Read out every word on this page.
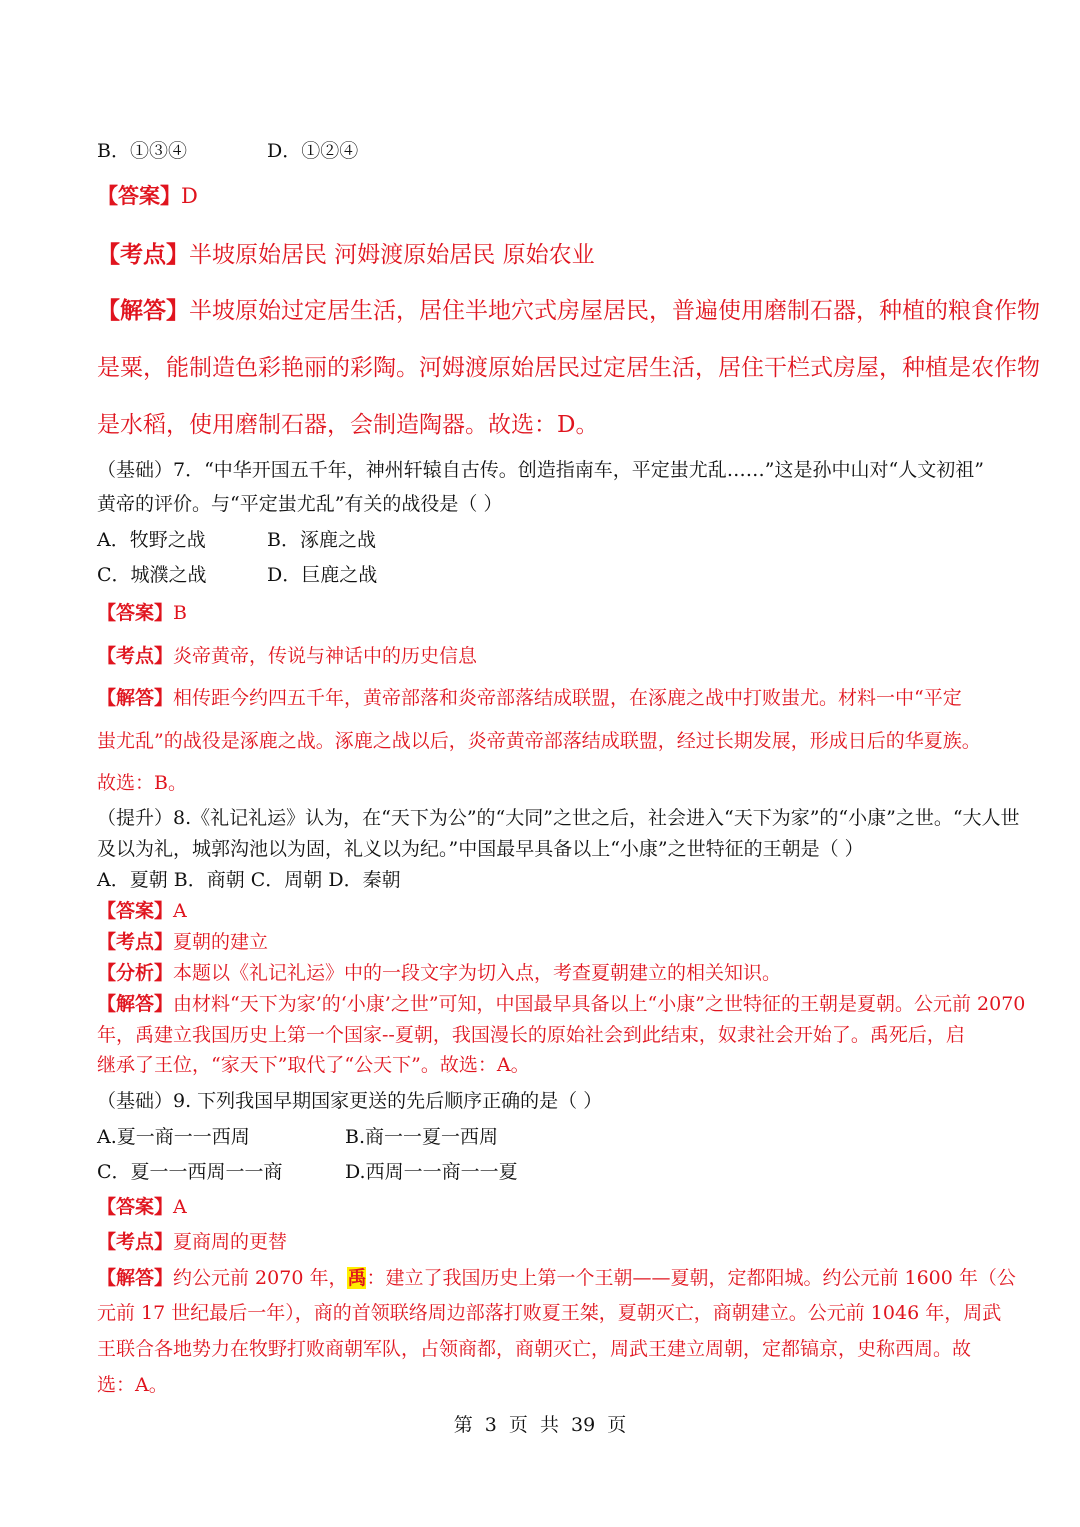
B．①③④	D．①②④
【答案】D
【考点】半坡原始居民 河姆渡原始居民 原始农业
【解答】半坡原始过定居生活，居住半地穴式房屋居民，普遍使用磨制石器，种植的粮食作物
是粟，能制造色彩艳丽的彩陶。河姆渡原始居民过定居生活，居住干栏式房屋，种植是农作物
是水稻，使用磨制石器，会制造陶器。故选：D。
（基础）7．“中华开国五千年，神州轩辕自古传。创造指南车，平定蚩尤乱……”这是孙中山对“人文初祖”
黄帝的评价。与“平定蚩尤乱”有关的战役是（ ）
A．牧野之战	B．涿鹿之战
C．城濮之战	D．巨鹿之战
【答案】B
【考点】炎帝黄帝，传说与神话中的历史信息
【解答】相传距今约四五千年，黄帝部落和炎帝部落结成联盟，在涿鹿之战中打败蚩尤。材料一中“平定
蚩尤乱”的战役是涿鹿之战。涿鹿之战以后，炎帝黄帝部落结成联盟，经过长期发展，形成日后的华夏族。
故选：B。
（提升）8.《礼记礼运》认为，在“天下为公”的“大同”之世之后，社会进入“天下为家”的“小康”之世。“大人世
及以为礼，城郭沟池以为固，礼义以为纪。”中国最早具备以上“小康”之世特征的王朝是（ ）
A．夏朝 B．商朝 C．周朝 D．秦朝
【答案】A
【考点】夏朝的建立
【分析】本题以《礼记礼运》中的一段文字为切入点，考查夏朝建立的相关知识。
【解答】由材料“天下为家’的‘小康’之世”可知，中国最早具备以上“小康”之世特征的王朝是夏朝。公元前 2070
年，禹建立我国历史上第一个国家--夏朝，我国漫长的原始社会到此结束，奴隶社会开始了。禹死后，启
继承了王位，“家天下”取代了“公天下”。故选：A。
（基础）9. 下列我国早期国家更送的先后顺序正确的是（ ）
A.夏一商一一西周	B.商一一夏一西周
C．夏一一西周一一商	D.西周一一商一一夏
【答案】A
【考点】夏商周的更替
【解答】约公元前 2070 年，禹：建立了我国历史上第一个王朝——夏朝，定都阳城。约公元前 1600 年（公
元前 17 世纪最后一年），商的首领联络周边部落打败夏王桀，夏朝灭亡，商朝建立。公元前 1046 年，周武
王联合各地势力在牧野打败商朝军队，占领商都，商朝灭亡，周武王建立周朝，定都镐京，史称西周。故
选：A。
第 3 页 共 39 页
